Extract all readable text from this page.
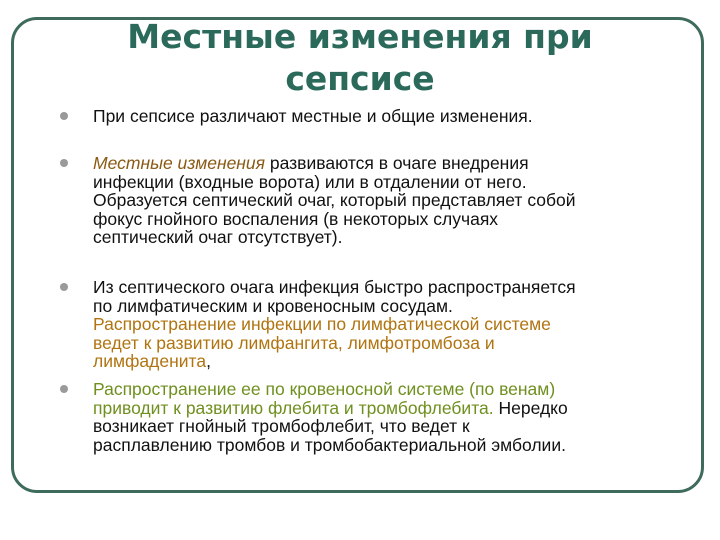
Местные изменения при
сепсисе
При сепсисе различают местные и общие изменения.
Местные изменения развиваются в очаге внедрения
инфекции (входные ворота) или в отдалении от него.
Образуется септический очаг, который представляет собой
фокус гнойного воспаления (в некоторых случаях
септический очаг отсутствует).
Из септического очага инфекция быстро распространяется
по лимфатическим и кровеносным сосудам.
Распространение инфекции по лимфатической системе
ведет к развитию лимфангита, лимфотромбоза и
лимфаденита,
Распространение ее по кровеносной системе (по венам)
приводит к развитию флебита и тромбофлебита. Нередко
возникает гнойный тромбофлебит, что ведет к
расплавлению тромбов и тромбобактериальной эмболии.
